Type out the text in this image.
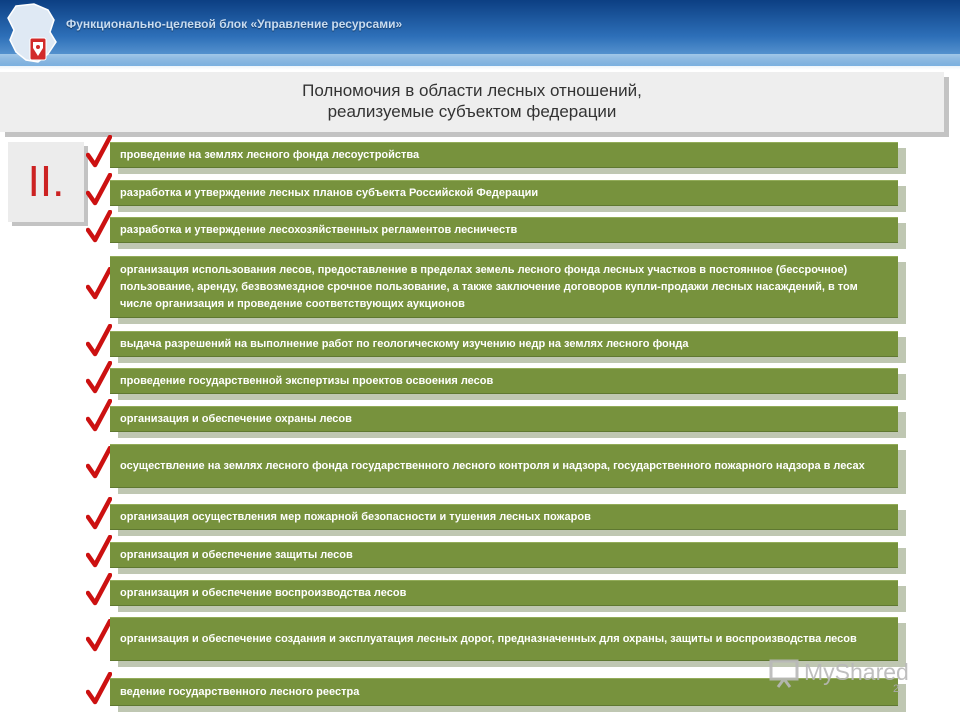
Функционально-целевой блок «Управление ресурсами»
Полномочия в области лесных отношений,
реализуемые субъектом федерации
II.
проведение на землях лесного фонда лесоустройства
разработка и утверждение лесных планов субъекта Российской Федерации
разработка и утверждение лесохозяйственных регламентов лесничеств
организация использования лесов, предоставление в пределах земель лесного фонда лесных участков в постоянное (бессрочное) пользование, аренду, безвозмездное срочное пользование, а также заключение договоров купли-продажи лесных насаждений, в том числе организация и проведение соответствующих аукционов
выдача разрешений на выполнение работ по геологическому изучению недр на землях лесного фонда
проведение государственной экспертизы проектов освоения лесов
организация и обеспечение охраны лесов
осуществление на землях лесного фонда государственного лесного контроля и надзора, государственного пожарного надзора в лесах
организация осуществления мер пожарной безопасности и тушения лесных пожаров
организация и обеспечение защиты лесов
организация и обеспечение воспроизводства лесов
организация и обеспечение создания и эксплуатация лесных дорог, предназначенных для охраны, защиты и воспроизводства лесов
ведение государственного лесного реестра
MyShared
2
